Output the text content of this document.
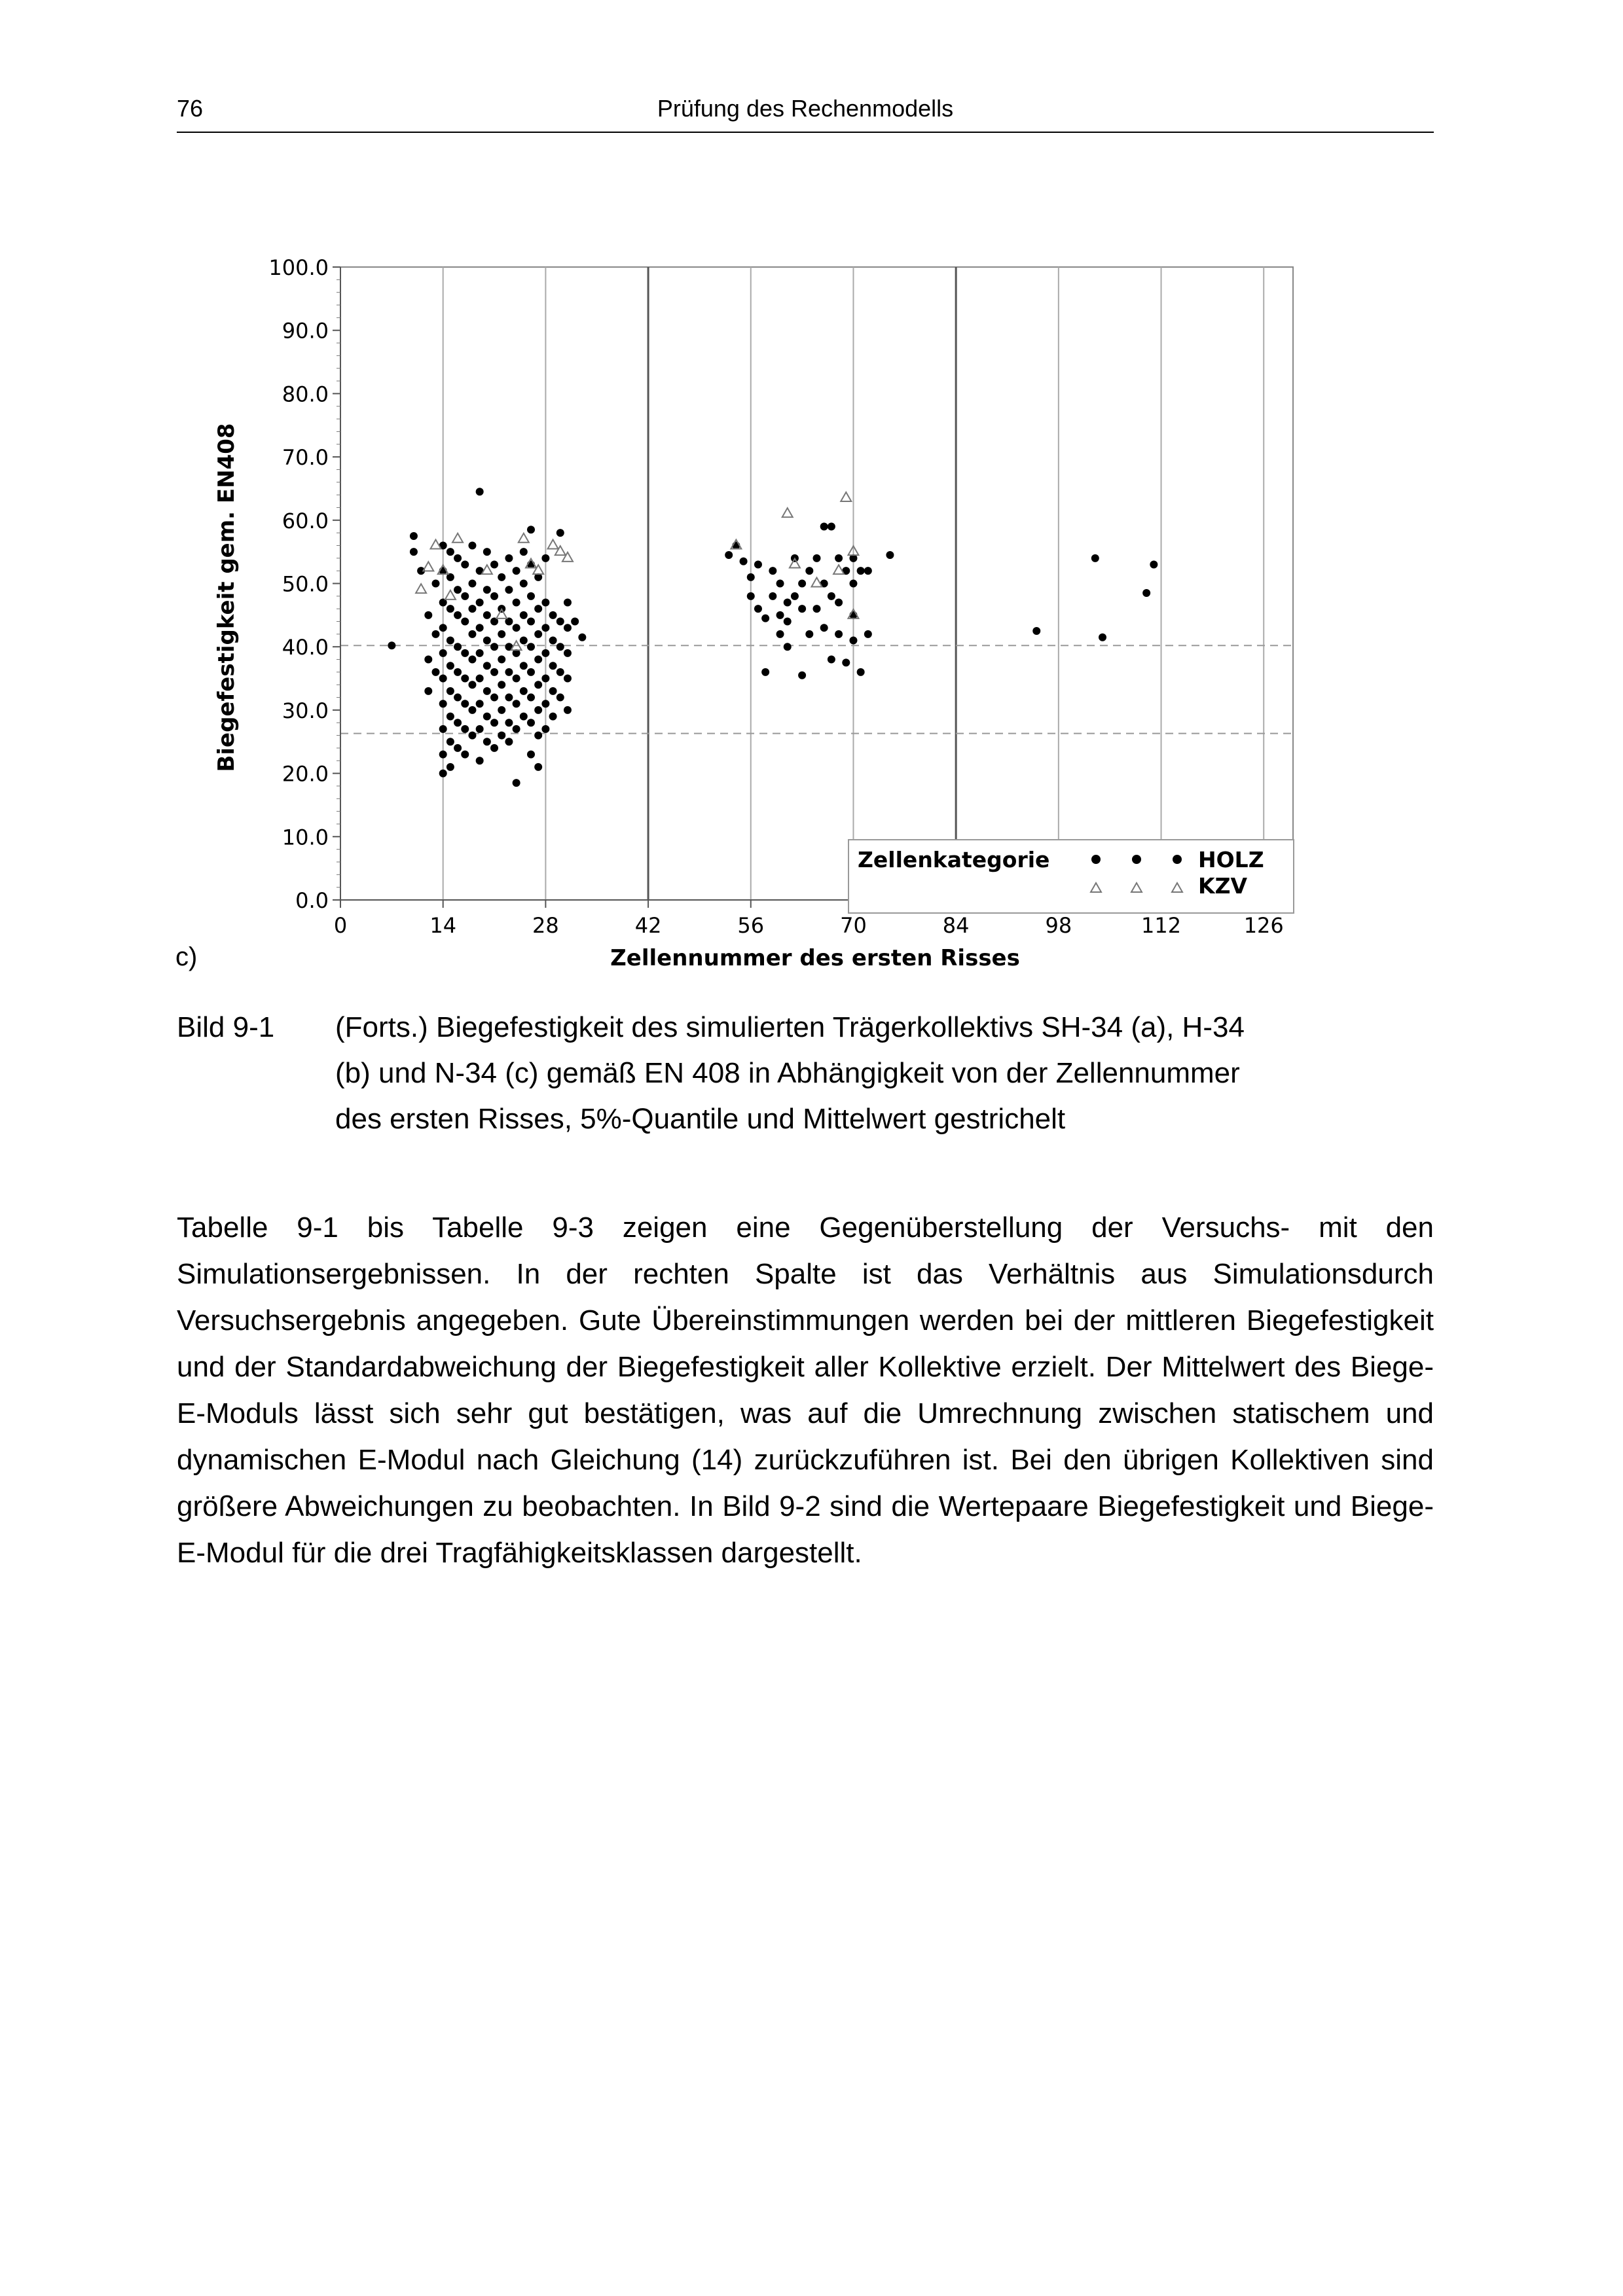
76	Prüfung des Rechenmodells
0.0
10.0
20.0
30.0
40.0
50.0
60.0
70.0
80.0
90.0
100.0
0	14	28	42	56	70	84	98	112	126
Zellenkategorie	HOLZ
KZV
Biegefestigkeit gem. EN408
Zellennummer des ersten Risses
c)
Bild 9-1 (Forts.) Biegefestigkeit des simulierten Trägerkollektivs SH-34 (a), H-34
(b) und N-34 (c) gemäß EN 408 in Abhängigkeit von der Zellennummer
des ersten Risses, 5%-Quantile und Mittelwert gestrichelt
Tabelle 9-1 bis Tabelle 9-3 zeigen eine Gegenüberstellung der Versuchs- mit den Simulationsergebnissen. In der rechten Spalte ist das Verhältnis aus Simulationsdurch Versuchsergebnis angegeben. Gute Übereinstimmungen werden bei der mittleren Biegefestigkeit und der Standardabweichung der Biegefestigkeit aller Kollektive erzielt. Der Mittelwert des Biege-E-Moduls lässt sich sehr gut bestätigen, was auf die Umrechnung zwischen statischem und dynamischen E-Modul nach Gleichung (14) zurückzuführen ist. Bei den übrigen Kollektiven sind größere Abweichungen zu beobachten. In Bild 9-2 sind die Wertepaare Biegefestigkeit und Biege-E-Modul für die drei Tragfähigkeitsklassen dargestellt.
